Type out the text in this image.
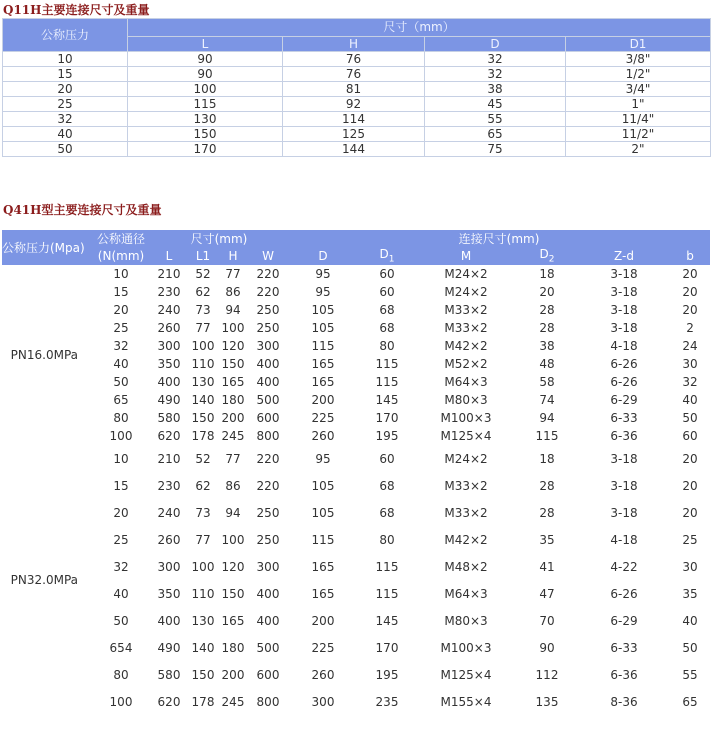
Q11H主要连接尺寸及重量
公称压力	尺寸（mm）			
	L	H	D	D1
10	90	76	32	3/8"
15	90	76	32	1/2"
20	100	81	38	3/4"
25	115	92	45	1"
32	130	114	55	11/4"
40	150	125	65	11/2"
50	170	144	75	2"
Q41H型主要连接尺寸及重量
公称压力(Mpa)	公称通径	尺寸(mm)				连接尺寸(mm)					
	(N(mm)	L	L1	H	W	D	$D_1$	M	$D_2$	Z-d	b
PN16.0MPa	10	210	52	77	220	95	60	M24×2	18	3-18	20
	15	230	62	86	220	95	60	M24×2	20	3-18	20
	20	240	73	94	250	105	68	M33×2	28	3-18	20
	25	260	77	100	250	105	68	M33×2	28	3-18	2
	32	300	100	120	300	115	80	M42×2	38	4-18	24
	40	350	110	150	400	165	115	M52×2	48	6-26	30
	50	400	130	165	400	165	115	M64×3	58	6-26	32
	65	490	140	180	500	200	145	M80×3	74	6-29	40
	80	580	150	200	600	225	170	M100×3	94	6-33	50
	100	620	178	245	800	260	195	M125×4	115	6-36	60
PN32.0MPa	10	210	52	77	220	95	60	M24×2	18	3-18	20
	15	230	62	86	220	105	68	M33×2	28	3-18	20
	20	240	73	94	250	105	68	M33×2	28	3-18	20
	25	260	77	100	250	115	80	M42×2	35	4-18	25
	32	300	100	120	300	165	115	M48×2	41	4-22	30
	40	350	110	150	400	165	115	M64×3	47	6-26	35
	50	400	130	165	400	200	145	M80×3	70	6-29	40
	654	490	140	180	500	225	170	M100×3	90	6-33	50
	80	580	150	200	600	260	195	M125×4	112	6-36	55
	100	620	178	245	800	300	235	M155×4	135	8-36	65
